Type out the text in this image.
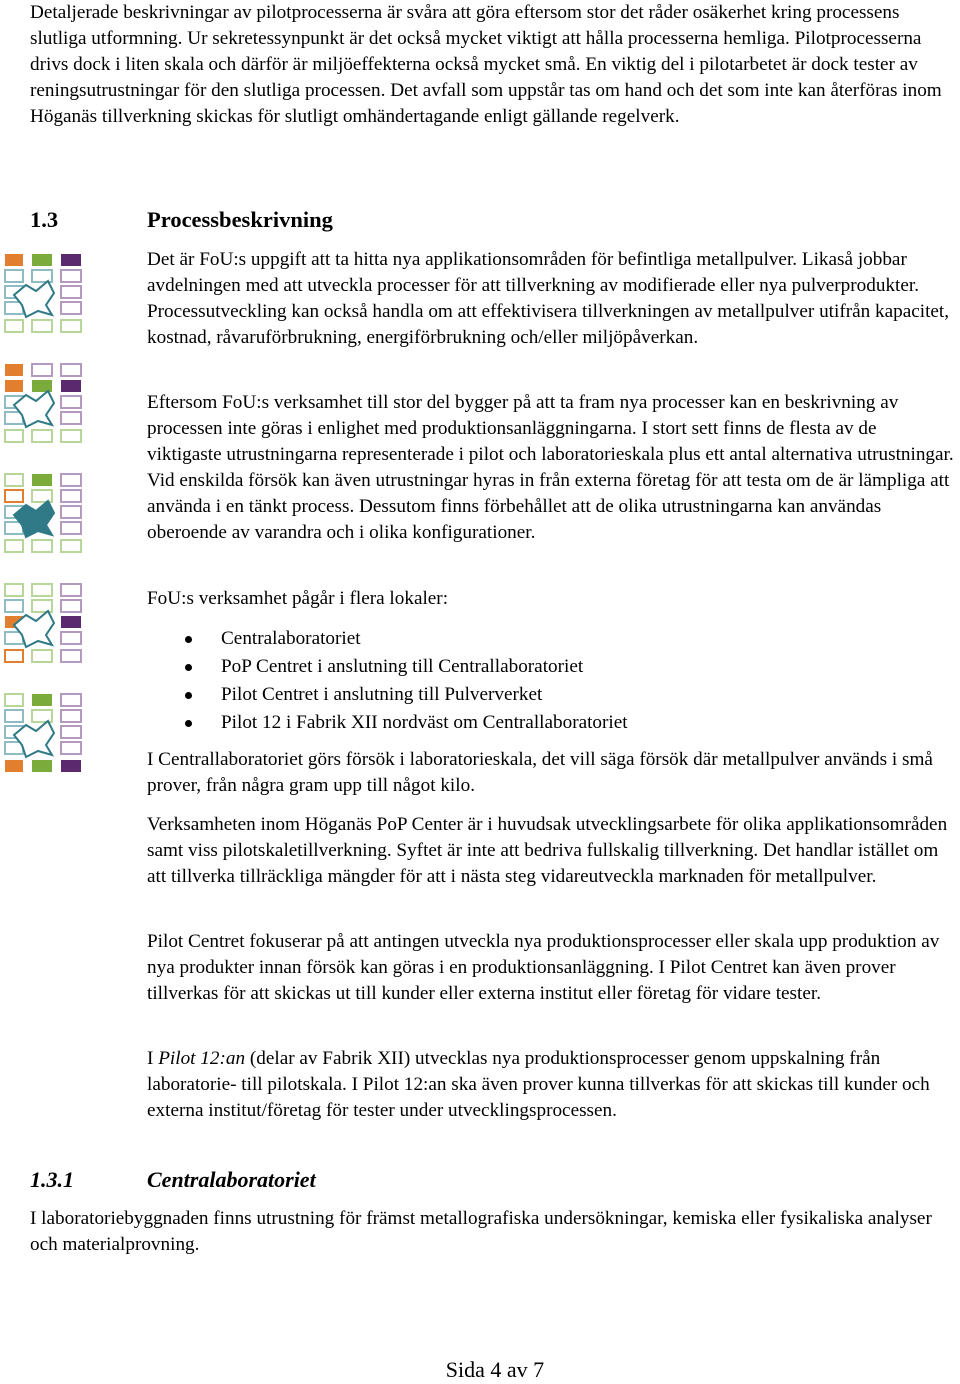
Detaljerade beskrivningar av pilotprocesserna är svåra att göra eftersom stor det råder osäkerhet kring processens slutliga utformning. Ur sekretessynpunkt är det också mycket viktigt att hålla processerna hemliga. Pilotprocesserna drivs dock i liten skala och därför är miljöeffekterna också mycket små. En viktig del i pilotarbetet är dock tester av reningsutrustningar för den slutliga processen. Det avfall som uppstår tas om hand och det som inte kan återföras inom Höganäs tillverkning skickas för slutligt omhändertagande enligt gällande regelverk.

1.3	Processbeskrivning

Det är FoU:s uppgift att ta hitta nya applikationsområden för befintliga metallpulver. Likaså jobbar avdelningen med att utveckla processer för att tillverkning av modifierade eller nya pulverprodukter. Processutveckling kan också handla om att effektivisera tillverkningen av metallpulver utifrån kapacitet, kostnad, råvaruförbrukning, energiförbrukning och/eller miljöpåverkan.

Eftersom FoU:s verksamhet till stor del bygger på att ta fram nya processer kan en beskrivning av processen inte göras i enlighet med produktionsanläggningarna. I stort sett finns de flesta av de viktigaste utrustningarna representerade i pilot och laboratorieskala plus ett antal alternativa utrustningar. Vid enskilda försök kan även utrustningar hyras in från externa företag för att testa om de är lämpliga att använda i en tänkt process. Dessutom finns förbehållet att de olika utrustningarna kan användas oberoende av varandra och i olika konfigurationer.

FoU:s verksamhet pågår i flera lokaler:

Centralaboratoriet
PoP Centret i anslutning till Centrallaboratoriet
Pilot Centret i anslutning till Pulververket
Pilot 12 i Fabrik XII nordväst om Centrallaboratoriet

I Centrallaboratoriet görs försök i laboratorieskala, det vill säga försök där metallpulver används i små prover, från några gram upp till något kilo.

Verksamheten inom Höganäs PoP Center är i huvudsak utvecklingsarbete för olika applikationsområden samt viss pilotskaletillverkning. Syftet är inte att bedriva fullskalig tillverkning. Det handlar istället om att tillverka tillräckliga mängder för att i nästa steg vidareutveckla marknaden för metallpulver.

Pilot Centret fokuserar på att antingen utveckla nya produktionsprocesser eller skala upp produktion av nya produkter innan försök kan göras i en produktionsanläggning. I Pilot Centret kan även prover tillverkas för att skickas ut till kunder eller externa institut eller företag för vidare tester.

I Pilot 12:an (delar av Fabrik XII) utvecklas nya produktionsprocesser genom uppskalning från laboratorie- till pilotskala. I Pilot 12:an ska även prover kunna tillverkas för att skickas till kunder och externa institut/företag för tester under utvecklingsprocessen.

1.3.1	Centralaboratoriet

I laboratoriebyggnaden finns utrustning för främst metallografiska undersökningar, kemiska eller fysikaliska analyser och materialprovning.

Sida 4 av 7
